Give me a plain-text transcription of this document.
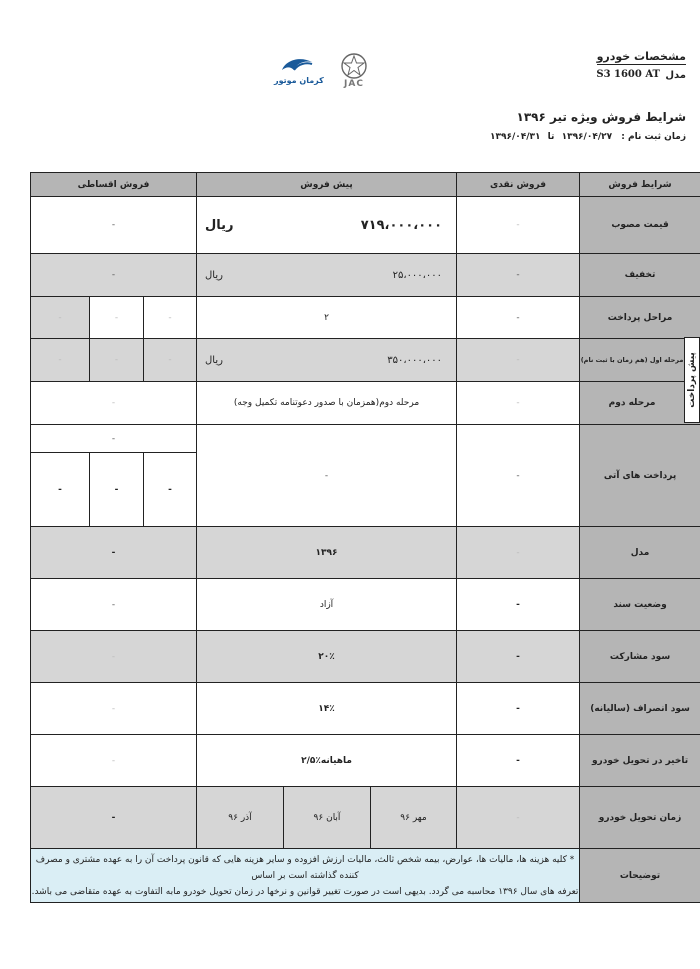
مشخصات خودرو
مدل
S3 1600 AT
شرایط فروش ویژه تیر ۱۳۹۶
زمان ثبت نام : ۱۳۹۶/۰۴/۲۷ تا ۱۳۹۶/۰۴/۳۱
کرمان موتور JAC
پیش پرداخت
فروش اقساطی			پیش فروش			فروش نقدی	شرایط فروش
-			ریال ۷۱۹،۰۰۰،۰۰۰			-	قیمت مصوب
-			ریال ۲۵،۰۰۰،۰۰۰			-	تخفیف
-	-	-	۲			-	مراحل پرداخت
-	-	-	ریال ۳۵۰،۰۰۰،۰۰۰			-	مرحله اول (هم زمان با ثبت نام)
-			مرحله دوم(همزمان با صدور دعوتنامه تکمیل وجه)			-	مرحله دوم
-			-			-	پرداخت های آتی
-	-	-					
-			۱۳۹۶			-	مدل
-			آزاد			-	وضعیت سند
-			۲۰٪			-	سود مشارکت
-			۱۴٪			-	سود انصراف (سالیانه)
-			۲/۵٪ماهیانه			-	تاخیر در تحویل خودرو
-			آذر ۹۶	آبان ۹۶	مهر ۹۶	-	زمان تحویل خودرو

* کلیه هزینه ها، مالیات ها، عوارض، بیمه شخص ثالث، مالیات ارزش افزوده و سایر هزینه هایی که قانون پرداخت آن را به عهده مشتری و مصرف کننده گذاشته است بر اساس
تعرفه های سال ۱۳۹۶ محاسبه می گردد. بدیهی است در صورت تغییر قوانین و نرخها در زمان تحویل خودرو مابه التفاوت به عهده متقاضی می باشد.							توضیحات
